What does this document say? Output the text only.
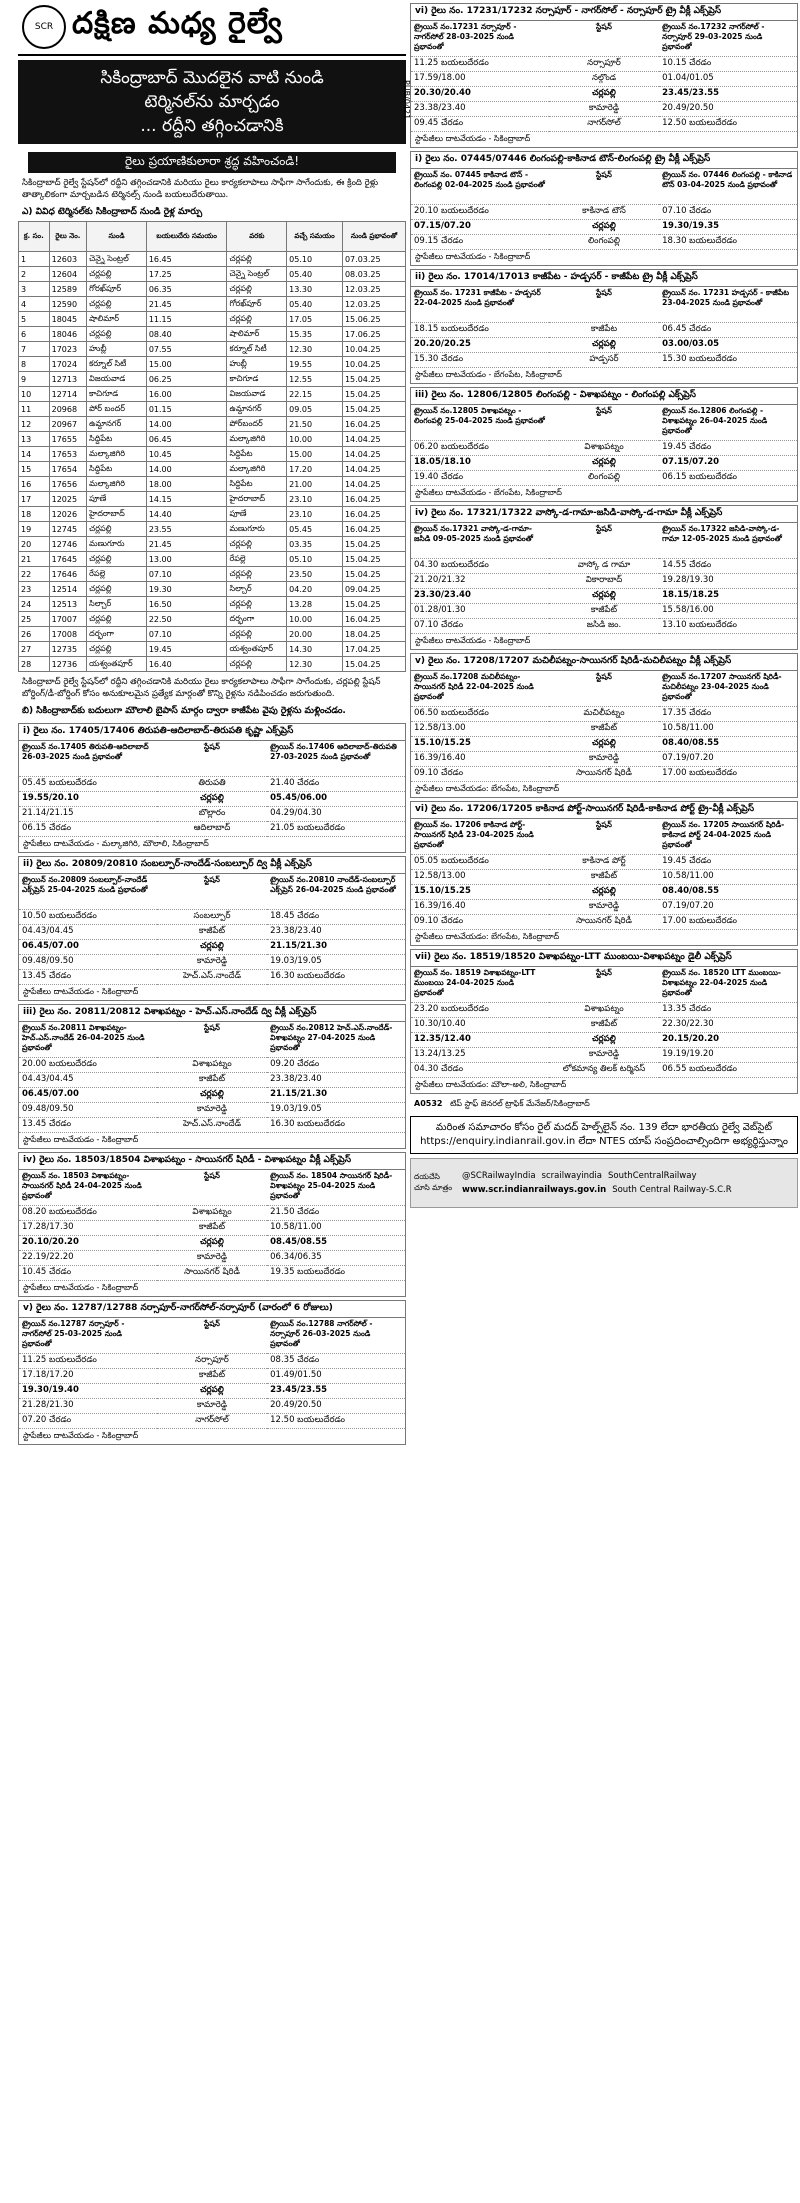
SCR దక్షిణ మధ్య రైల్వే
సికింద్రాబాద్ మొదలైన వాటి నుండి
టెర్మినల్‌ను మార్చడం
... రద్దీని తగ్గించడానికి
PUB/0421
రైలు ప్రయాణికులారా శ్రద్ధ వహించండి!
సికింద్రాబాద్ రైల్వే స్టేషన్‌లో రద్దీని తగ్గించడానికి మరియు రైలు కార్యకలాపాలు సాఫీగా సాగేందుకు, ఈ క్రింది రైళ్లు తాత్కాలికంగా మార్చబడిన టెర్మినల్స్ నుండి బయలుదేరుతాయి.
ఎ) వివిధ టెర్మినల్‌కు సికింద్రాబాద్ నుండి రైళ్ల మార్పు
క్ర. సం.	రైలు నెం.	నుండి	బయలుదేరు సమయం	వరకు	వచ్చే సమయం	నుండి ప్రభావంతో
1	12603	చెన్నై సెంట్రల్	16.45	చర్లపల్లి	05.10	07.03.25
2	12604	చర్లపల్లి	17.25	చెన్నై సెంట్రల్	05.40	08.03.25
3	12589	గోరఖ్‌పూర్	06.35	చర్లపల్లి	13.30	12.03.25
4	12590	చర్లపల్లి	21.45	గోరఖ్‌పూర్	05.40	12.03.25
5	18045	షాలిమార్	11.15	చర్లపల్లి	17.05	15.06.25
6	18046	చర్లపల్లి	08.40	షాలిమార్	15.35	17.06.25
7	17023	హుబ్లీ	07.55	కర్నూల్ సిటీ	12.30	10.04.25
8	17024	కర్నూల్ సిటీ	15.00	హుబ్లీ	19.55	10.04.25
9	12713	విజయవాడ	06.25	కాచిగూడ	12.55	15.04.25
10	12714	కాచిగూడ	16.00	విజయవాడ	22.15	15.04.25
11	20968	పోర్ బందర్	01.15	ఉమ్దానగర్	09.05	15.04.25
12	20967	ఉమ్దానగర్	14.00	పోర్‌బందర్	21.50	16.04.25
13	17655	సిద్దిపేట	06.45	మల్కాజిగిరి	10.00	14.04.25
14	17653	మల్కాజిగిరి	10.45	సిద్దిపేట	15.00	14.04.25
15	17654	సిద్దిపేట	14.00	మల్కాజిగిరి	17.20	14.04.25
16	17656	మల్కాజిగిరి	18.00	సిద్దిపేట	21.00	14.04.25
17	12025	పూణే	14.15	హైదరాబాద్	23.10	16.04.25
18	12026	హైదరాబాద్	14.40	పూణే	23.10	16.04.25
19	12745	చర్లపల్లి	23.55	మణుగూరు	05.45	16.04.25
20	12746	మణుగూరు	21.45	చర్లపల్లి	03.35	15.04.25
21	17645	చర్లపల్లి	13.00	రేపల్లె	05.10	15.04.25
22	17646	రేపల్లె	07.10	చర్లపల్లి	23.50	15.04.25
23	12514	చర్లపల్లి	19.30	సిల్చార్	04.20	09.04.25
24	12513	సిల్చార్	16.50	చర్లపల్లి	13.28	15.04.25
25	17007	చర్లపల్లి	22.50	దర్భంగా	10.00	16.04.25
26	17008	దర్భంగా	07.10	చర్లపల్లి	20.00	18.04.25
27	12735	చర్లపల్లి	19.45	యశ్వంతపూర్	14.30	17.04.25
28	12736	యశ్వంతపూర్	16.40	చర్లపల్లి	12.30	15.04.25
సికింద్రాబాద్ రైల్వే స్టేషన్‌లో రద్దీని తగ్గించడానికి మరియు రైలు కార్యకలాపాలు సాఫీగా సాగేందుకు, చర్లపల్లి స్టేషన్ బోర్డింగ్/డీ-బోర్డింగ్ కోసం అనుకూలమైన ప్రత్యేక మార్గంతో కొన్ని రైళ్లను నడిపించడం జరుగుతుంది.
బి) సికింద్రాబాద్‌కు బదులుగా మౌలాలి బైపాస్ మార్గం ద్వారా కాజీపేట వైపు రైళ్లను మళ్లించడం.
i) రైలు నం. 17405/17406 తిరుపతి-ఆదిలాబాద్-తిరుపతి కృష్ణా ఎక్స్‌ప్రెస్
ట్రైయిన్ నం.17405 తిరుపతి-ఆదిలాబాద్ 26-03-2025 నుండి ప్రభావంతో
స్టేషన్	ట్రైయిన్ నం.17406 ఆదిలాబాద్-తిరుపతి 27-03-2025 నుండి ప్రభావంతో
05.45 బయలుదేరడం	తిరుపతి	21.40 చేరడం
19.55/20.10	చర్లపల్లి	05.45/06.00
21.14/21.15	బొల్లారం	04.29/04.30
06.15 చేరడం	ఆదిలాబాద్	21.05 బయలుదేరడం
స్టాపేజీలు దాటవేయడం - మల్కాజిగిరి, మౌలాలి, సికింద్రాబాద్
ii) రైలు నం. 20809/20810 సంబల్పూర్-నాందేడ్-సంబల్పూర్ ద్వి వీక్లీ ఎక్స్‌ప్రెస్
ట్రైయిన్ నం.20809 సంబల్పూర్-నాందేడ్ ఎక్స్‌ప్రెస్ 25-04-2025 నుండి ప్రభావంతో
స్టేషన్	ట్రైయిన్ నం.20810 నాందేడ్-సంబల్పూర్ ఎక్స్‌ప్రెస్ 26-04-2025 నుండి ప్రభావంతో
10.50 బయలుదేరడం	సంబల్పూర్	18.45 చేరడం
04.43/04.45	కాజీపేట్	23.38/23.40
06.45/07.00	చర్లపల్లి	21.15/21.30
09.48/09.50	కామారెడ్డి	19.03/19.05
13.45 చేరడం	హెచ్.ఎస్.నాందేడ్	16.30 బయలుదేరడం
స్టాపేజీలు దాటవేయడం - సికింద్రాబాద్
iii) రైలు నం. 20811/20812 విశాఖపట్నం - హెచ్.ఎస్.నాందేడ్ ద్వి వీక్లీ ఎక్స్‌ప్రెస్
ట్రైయిన్ నం.20811 విశాఖపట్నం-హెచ్.ఎస్.నాందేడ్ 26-04-2025 నుండి ప్రభావంతో
స్టేషన్	ట్రైయిన్ నం.20812 హెచ్.ఎస్.నాందేడ్-విశాఖపట్నం 27-04-2025 నుండి ప్రభావంతో
20.00 బయలుదేరడం	విశాఖపట్నం	09.20 చేరడం
04.43/04.45	కాజీపేట్	23.38/23.40
06.45/07.00	చర్లపల్లి	21.15/21.30
09.48/09.50	కామారెడ్డి	19.03/19.05
13.45 చేరడం	హెచ్.ఎస్.నాందేడ్	16.30 బయలుదేరడం
స్టాపేజీలు దాటవేయడం - సికింద్రాబాద్
iv) రైలు నం. 18503/18504 విశాఖపట్నం - సాయినగర్ షిరిడీ - విశాఖపట్నం వీక్లీ ఎక్స్‌ప్రెస్
ట్రైయిన్ నం. 18503 విశాఖపట్నం-సాయినగర్ షిరిడీ 24-04-2025 నుండి ప్రభావంతో
స్టేషన్	ట్రైయిన్ నం. 18504 సాయినగర్ షిరిడీ-విశాఖపట్నం 25-04-2025 నుండి ప్రభావంతో
08.20 బయలుదేరడం	విశాఖపట్నం	21.50 చేరడం
17.28/17.30	కాజీపేట్	10.58/11.00
20.10/20.20	చర్లపల్లి	08.45/08.55
22.19/22.20	కామారెడ్డి	06.34/06.35
10.45 చేరడం	సాయినగర్ షిరిడీ	19.35 బయలుదేరడం
స్టాపేజీలు దాటవేయడం - సికింద్రాబాద్
v) రైలు నం. 12787/12788 నర్సాపూర్-నాగర్‌సోల్-నర్సాపూర్ (వారంలో 6 రోజులు)
ట్రైయిన్ నం.12787 నర్సాపూర్ - నాగర్‌సోల్ 25-03-2025 నుండి ప్రభావంతో
స్టేషన్	ట్రైయిన్ నం.12788 నాగర్‌సోల్ - నర్సాపూర్ 26-03-2025 నుండి ప్రభావంతో
11.25 బయలుదేరడం	నర్సాపూర్	08.35 చేరడం
17.18/17.20	కాజీపేట్	01.49/01.50
19.30/19.40	చర్లపల్లి	23.45/23.55
21.28/21.30	కామారెడ్డి	20.49/20.50
07.20 చేరడం	నాగర్‌సోల్	12.50 బయలుదేరడం
స్టాపేజీలు దాటవేయడం - సికింద్రాబాద్
vi) రైలు నం. 17231/17232 నర్సాపూర్ - నాగర్‌సోల్ - నర్సాపూర్ ట్రై వీక్లీ ఎక్స్‌ప్రెస్
ట్రైయిన్ నం.17231 నర్సాపూర్ - నాగర్‌సోల్ 28-03-2025 నుండి ప్రభావంతో
స్టేషన్	ట్రైయిన్ నం.17232 నాగర్‌సోల్ - నర్సాపూర్ 29-03-2025 నుండి ప్రభావంతో
11.25 బయలుదేరడం	నర్సాపూర్	10.15 చేరడం
17.59/18.00	నల్గొండ	01.04/01.05
20.30/20.40	చర్లపల్లి	23.45/23.55
23.38/23.40	కామారెడ్డి	20.49/20.50
09.45 చేరడం	నాగర్‌సోల్	12.50 బయలుదేరడం
స్టాపేజీలు దాటవేయడం - సికింద్రాబాద్
i) రైలు నం. 07445/07446 లింగంపల్లి-కాకినాడ టౌన్-లింగంపల్లి ట్రై వీక్లీ ఎక్స్‌ప్రెస్
ట్రైయిన్ నం. 07445 కాకినాడ టౌన్ - లింగంపల్లి 02-04-2025 నుండి ప్రభావంతో
స్టేషన్	ట్రైయిన్ నం. 07446 లింగంపల్లి - కాకినాడ టౌన్ 03-04-2025 నుండి ప్రభావంతో
20.10 బయలుదేరడం	కాకినాడ టౌన్	07.10 చేరడం
07.15/07.20	చర్లపల్లి	19.30/19.35
09.15 చేరడం	లింగంపల్లి	18.30 బయలుదేరడం
స్టాపేజీలు దాటవేయడం - సికింద్రాబాద్
ii) రైలు నం. 17014/17013 కాజీపేట - హడ్పసర్ - కాజీపేట ట్రై వీక్లీ ఎక్స్‌ప్రెస్
ట్రైయిన్ నం. 17231 కాజీపేట - హడ్పసర్ 22-04-2025 నుండి ప్రభావంతో
స్టేషన్	ట్రైయిన్ నం. 17231 హడ్పసర్ - కాజీపేట 23-04-2025 నుండి ప్రభావంతో
18.15 బయలుదేరడం	కాజీపేట	06.45 చేరడం
20.20/20.25	చర్లపల్లి	03.00/03.05
15.30 చేరడం	హడ్పసర్	15.30 బయలుదేరడం
స్టాపేజీలు దాటవేయడం - బేగంపేట, సికింద్రాబాద్
iii) రైలు నం. 12806/12805 లింగంపల్లి - విశాఖపట్నం - లింగంపల్లి ఎక్స్‌ప్రెస్
ట్రైయిన్ నం.12805 విశాఖపట్నం - లింగంపల్లి 25-04-2025 నుండి ప్రభావంతో
స్టేషన్	ట్రైయిన్ నం.12806 లింగంపల్లి - విశాఖపట్నం 26-04-2025 నుండి ప్రభావంతో
06.20 బయలుదేరడం	విశాఖపట్నం	19.45 చేరడం
18.05/18.10	చర్లపల్లి	07.15/07.20
19.40 చేరడం	లింగంపల్లి	06.15 బయలుదేరడం
స్టాపేజీలు దాటవేయడం - బేగంపేట, సికింద్రాబాద్
iv) రైలు నం. 17321/17322 వాస్కో-డ-గామా-జసిడి-వాస్కో-డ-గామా వీక్లీ ఎక్స్‌ప్రెస్
ట్రైయిన్ నం.17321 వాస్కో-డ-గామా-జసిడి 09-05-2025 నుండి ప్రభావంతో
స్టేషన్	ట్రైయిన్ నం.17322 జసిడి-వాస్కో-డ-గామా 12-05-2025 నుండి ప్రభావంతో
04.30 బయలుదేరడం	వాస్కో డ గామా	14.55 చేరడం
21.20/21.32	వికారాబాద్	19.28/19.30
23.30/23.40	చర్లపల్లి	18.15/18.25
01.28/01.30	కాజీపేట్	15.58/16.00
07.10 చేరడం	జసిడి జం.	13.10 బయలుదేరడం
స్టాపేజీలు దాటవేయడం - సికింద్రాబాద్
v) రైలు నం. 17208/17207 మచిలీపట్నం-సాయినగర్ షిరిడీ-మచిలీపట్నం వీక్లీ ఎక్స్‌ప్రెస్
ట్రైయిన్ నం.17208 మచిలీపట్నం-సాయినగర్ షిరిడీ 22-04-2025 నుండి ప్రభావంతో
స్టేషన్	ట్రైయిన్ నం.17207 సాయినగర్ షిరిడీ-మచిలీపట్నం 23-04-2025 నుండి ప్రభావంతో
06.50 బయలుదేరడం	మచిలీపట్నం	17.35 చేరడం
12.58/13.00	కాజీపేట్	10.58/11.00
15.10/15.25	చర్లపల్లి	08.40/08.55
16.39/16.40	కామారెడ్డి	07.19/07.20
09.10 చేరడం	సాయినగర్ షిరిడీ	17.00 బయలుదేరడం
స్టాపేజీలు దాటవేయడం: బేగంపేట, సికింద్రాబాద్
vi) రైలు నం. 17206/17205 కాకినాడ పోర్ట్-సాయినగర్ షిరిడీ-కాకినాడ పోర్ట్ ట్రై-వీక్లీ ఎక్స్‌ప్రెస్
ట్రైయిన్ నం. 17206 కాకినాడ పోర్ట్-సాయినగర్ షిరిడీ 23-04-2025 నుండి ప్రభావంతో
స్టేషన్	ట్రైయిన్ నం. 17205 సాయినగర్ షిరిడీ-కాకినాడ పోర్ట్ 24-04-2025 నుండి ప్రభావంతో
05.05 బయలుదేరడం	కాకినాడ పోర్ట్	19.45 చేరడం
12.58/13.00	కాజీపేట్	10.58/11.00
15.10/15.25	చర్లపల్లి	08.40/08.55
16.39/16.40	కామారెడ్డి	07.19/07.20
09.10 చేరడం	సాయినగర్ షిరిడీ	17.00 బయలుదేరడం
స్టాపేజీలు దాటవేయడం: బేగంపేట, సికింద్రాబాద్
vii) రైలు నం. 18519/18520 విశాఖపట్నం-LTT ముంబయి-విశాఖపట్నం డైలీ ఎక్స్‌ప్రెస్
ట్రైయిన్ నం. 18519 విశాఖపట్నం-LTT ముంబయి 24-04-2025 నుండి ప్రభావంతో
స్టేషన్	ట్రైయిన్ నం. 18520 LTT ముంబయి-విశాఖపట్నం 22-04-2025 నుండి ప్రభావంతో
23.20 బయలుదేరడం	విశాఖపట్నం	13.35 చేరడం
10.30/10.40	కాజీపేట్	22.30/22.30
12.35/12.40	చర్లపల్లి	20.15/20.20
13.24/13.25	కామారెడ్డి	19.19/19.20
04.30 చేరడం	లోకమాన్య తిలక్ టర్మినస్	06.55 బయలుదేరడం
స్టాపేజీలు దాటవేయడం: మౌలా-అలి, సికింద్రాబాద్
A0532 టిప్ స్టాఫ్ జెనరల్ ట్రాఫిక్ మేనేజర్/సికింద్రాబాద్
మరింత సమాచారం కోసం రైల్ మదద్ హెల్ప్‌లైన్ నం. 139 లేదా భారతీయ రైల్వే వెబ్‌సైట్ https://enquiry.indianrail.gov.in లేదా NTES యాప్ సంప్రదించాల్సిందిగా అభ్యర్థిస్తున్నాం
దయచేసి చూసి మాత్రం
@SCRailwayIndia scrailwayindia SouthCentralRailway
www.scr.indianrailways.gov.in South Central Railway-S.C.R
